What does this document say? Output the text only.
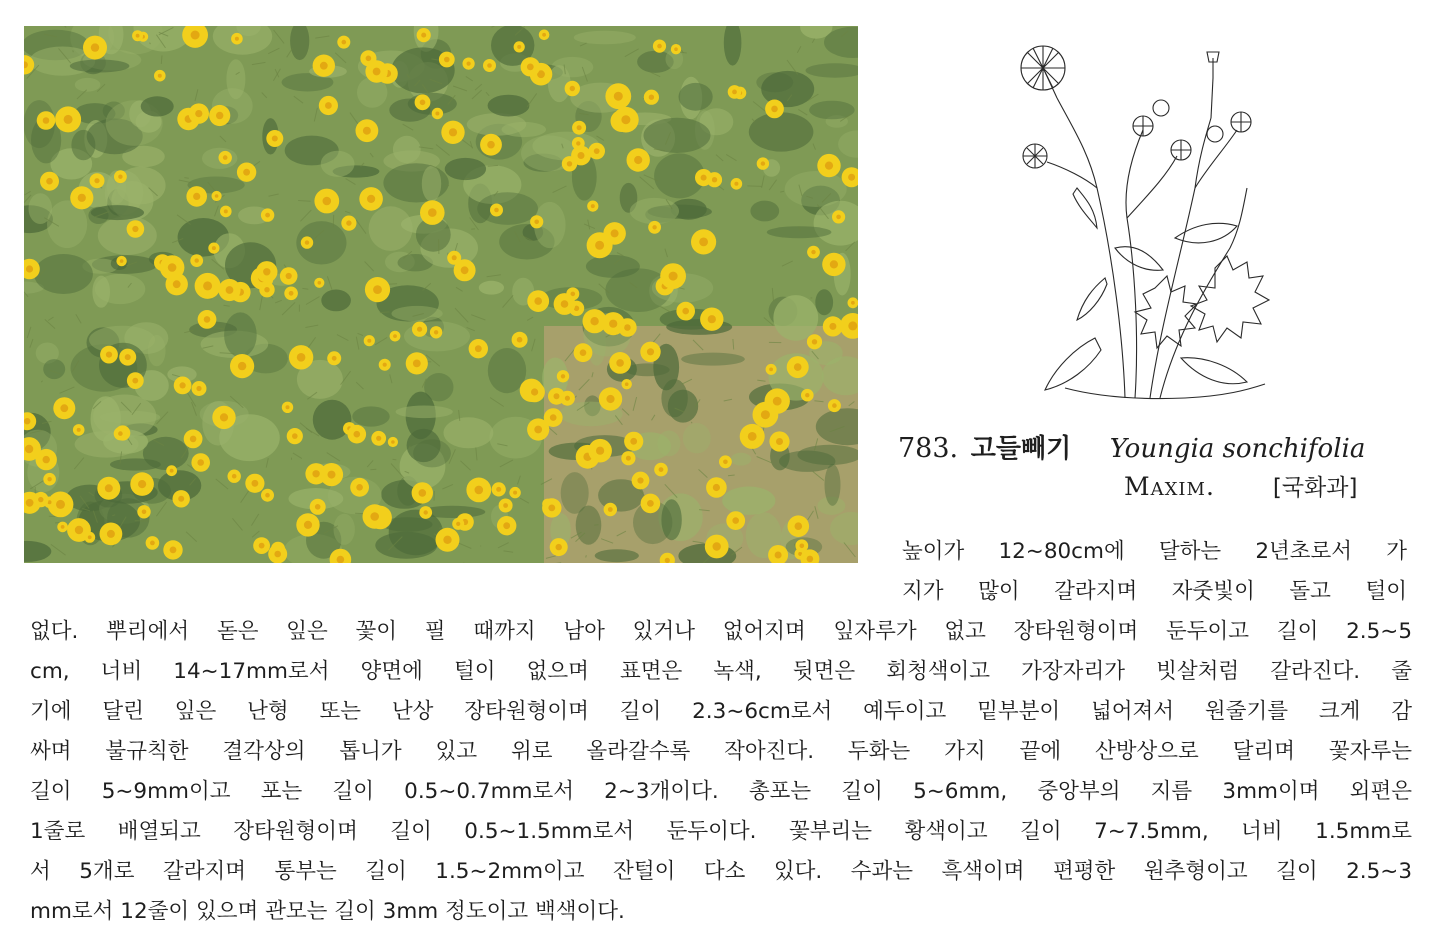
783. 고들빼기 Youngia sonchifolia
Maxim.	[국화과]
높이가 12~80cm에 달하는 2년초로서 가
지가 많이 갈라지며 자줏빛이 돌고 털이
없다. 뿌리에서 돋은 잎은 꽃이 필 때까지 남아 있거나 없어지며 잎자루가 없고 장타원형이며 둔두이고 길이 2.5~5
cm, 너비 14~17mm로서 양면에 털이 없으며 표면은 녹색, 뒷면은 회청색이고 가장자리가 빗살처럼 갈라진다. 줄
기에 달린 잎은 난형 또는 난상 장타원형이며 길이 2.3~6cm로서 예두이고 밑부분이 넓어져서 원줄기를 크게 감
싸며 불규칙한 결각상의 톱니가 있고 위로 올라갈수록 작아진다. 두화는 가지 끝에 산방상으로 달리며 꽃자루는
길이 5~9mm이고 포는 길이 0.5~0.7mm로서 2~3개이다. 총포는 길이 5~6mm, 중앙부의 지름 3mm이며 외편은
1줄로 배열되고 장타원형이며 길이 0.5~1.5mm로서 둔두이다. 꽃부리는 황색이고 길이 7~7.5mm, 너비 1.5mm로
서 5개로 갈라지며 통부는 길이 1.5~2mm이고 잔털이 다소 있다. 수과는 흑색이며 편평한 원추형이고 길이 2.5~3
mm로서 12줄이 있으며 관모는 길이 3mm 정도이고 백색이다.
